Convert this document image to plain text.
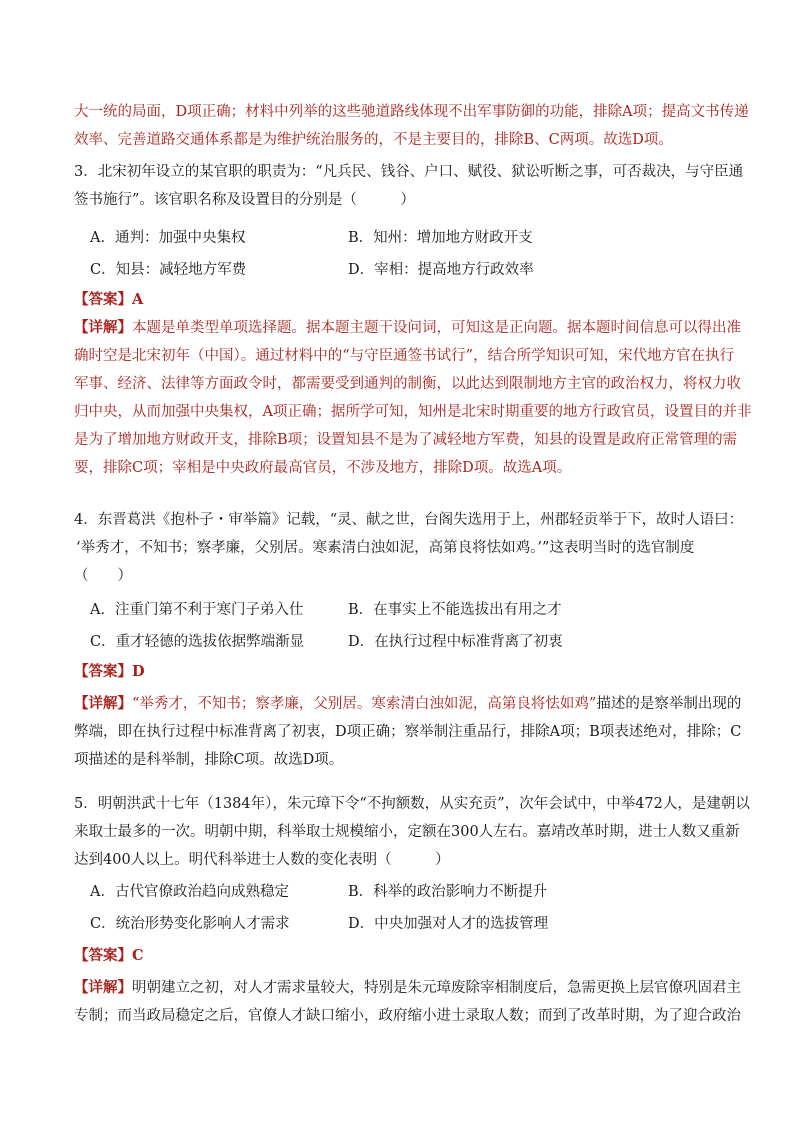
大一统的局面，D项正确；材料中列举的这些驰道路线体现不出军事防御的功能，排除A项；提高文书传递
效率、完善道路交通体系都是为维护统治服务的，不是主要目的，排除B、C两项。故选D项。
3．北宋初年设立的某官职的职责为：“凡兵民、钱谷、户口、赋役、狱讼听断之事，可否裁决，与守臣通
签书施行”。该官职名称及设置目的分别是（　　　）
A．通判：加强中央集权	B．知州：增加地方财政开支
C．知县：减轻地方军费	D．宰相：提高地方行政效率
【答案】A
【详解】本题是单类型单项选择题。据本题主题干设问词，可知这是正向题。据本题时间信息可以得出准
确时空是北宋初年（中国）。通过材料中的“与守臣通签书试行”，结合所学知识可知，宋代地方官在执行
军事、经济、法律等方面政令时，都需要受到通判的制衡，以此达到限制地方主官的政治权力，将权力收
归中央，从而加强中央集权，A项正确；据所学可知，知州是北宋时期重要的地方行政官员，设置目的并非
是为了增加地方财政开支，排除B项；设置知县不是为了减轻地方军费，知县的设置是政府正常管理的需
要，排除C项；宰相是中央政府最高官员，不涉及地方，排除D项。故选A项。
4．东晋葛洪《抱朴子・审举篇》记载，“灵、献之世，台阁失选用于上，州郡轻贡举于下，故时人语曰：
‘举秀才，不知书；察孝廉，父别居。寒素清白浊如泥，高第良将怯如鸡。’”这表明当时的选官制度
（　　）
A．注重门第不利于寒门子弟入仕	B．在事实上不能选拔出有用之才
C．重才轻德的选拔依据弊端渐显	D．在执行过程中标准背离了初衷
【答案】D
【详解】“举秀才，不知书；察孝廉，父别居。寒索清白浊如泥，高第良将怯如鸡”描述的是察举制出现的
弊端，即在执行过程中标准背离了初衷，D项正确；察举制注重品行，排除A项；B项表述绝对，排除；C
项描述的是科举制，排除C项。故选D项。
5．明朝洪武十七年（1384年），朱元璋下令“不拘额数，从实充贡”，次年会试中，中举472人，是建朝以
来取士最多的一次。明朝中期，科举取士规模缩小，定额在300人左右。嘉靖改革时期，进士人数又重新
达到400人以上。明代科举进士人数的变化表明（　　　）
A．古代官僚政治趋向成熟稳定	B．科举的政治影响力不断提升
C．统治形势变化影响人才需求	D．中央加强对人才的选拔管理
【答案】C
【详解】明朝建立之初，对人才需求量较大，特别是朱元璋废除宰相制度后，急需更换上层官僚巩固君主
专制；而当政局稳定之后，官僚人才缺口缩小，政府缩小进士录取人数；而到了改革时期，为了迎合政治
